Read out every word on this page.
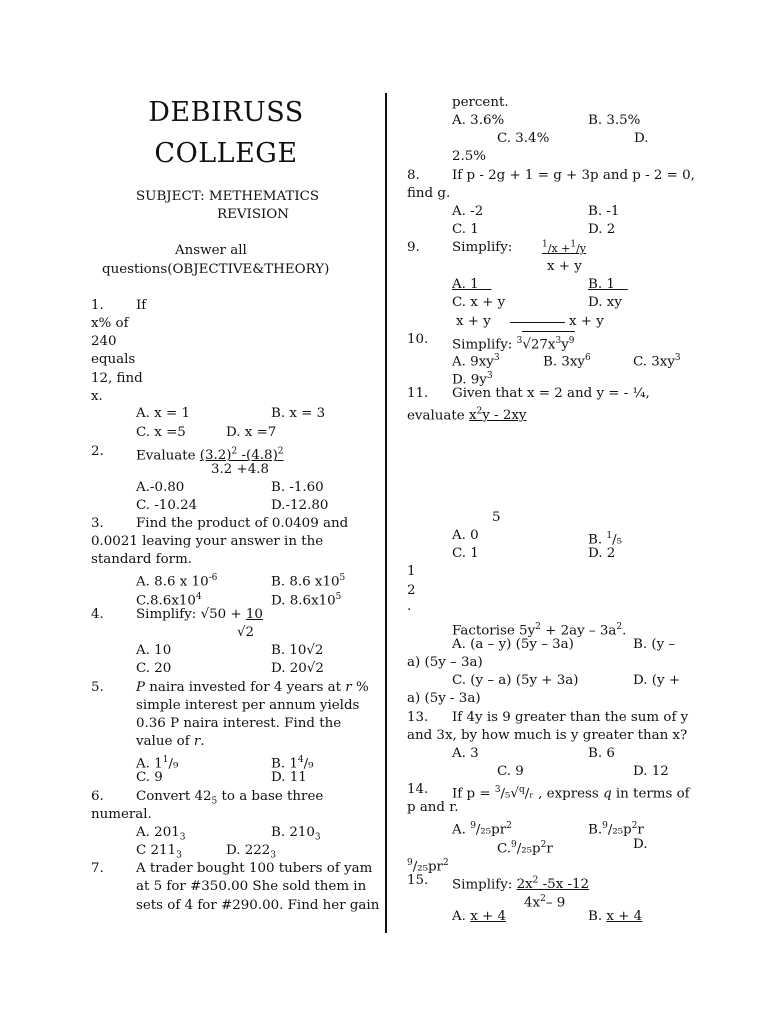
DEBIRUSS
COLLEGE
SUBJECT: METHEMATICS
REVISION
Answer all
questions(OBJECTIVE&THEORY)
1. If
x% of
240
equals
12, find
x.
A. x = 1	B. x = 3
C. x =5	D. x =7
2. Evaluate $(3.2)^2$ $-(4.8)^2$
3.2 +4.8
A.-0.80	B. -1.60
C. -10.24	D.-12.80
3. Find the product of 0.0409 and
0.0021 leaving your answer in the
standard form.
A. 8.6 x $10^{-6}$	B. 8.6 $x10^5$
$C.8.6x10^4$	D. $8.6x10^5$
4. Simplify: √50 + 10
√2
A. 10	B. 10√2
C. 20	D. 20√2
5. P naira invested for 4 years at r %
simple interest per annum yields
0.36 P naira interest. Find the
value of r.
A. $1^1/_9$	B. $1^4/_9$
C. 9	D. 11
6. Convert $42_5$ to a base three
numeral.
A. $201_3$	B. $210_3$
C $211_3$	D. $222_3$
7. A trader bought 100 tubers of yam
at 5 for #350.00 She sold them in
sets of 4 for #290.00. Find her gain
percent.
A. 3.6%	B. 3.5%
C. 3.4%	D.
2.5%
8. If p - 2g + 1 = g + 3p and p - 2 = 0,
find g.
A. -2	B. -1
C. 1	D. 2
9. Simplify:	$^1$/x +$^1$/y
x + y
A. 1	B. 1
C. x + y	D. xy
x + y	x + y
10. Simplify: $^3√27x^3y^9$
A. $9xy^3$	B. $3xy^6$	C. $3xy^3$
D. $9y^3$
11. Given that x = 2 and y = - ¼,
evaluate $x^2y - 2xy$
5
A. 0	B. $^1$/₅
C. 1	D. 2
1
2
.
Factorise $5y^2 + 2ay - 3a^2$.
A. (a – y) (5y – 3a)	B. (y –
a) (5y – 3a)
C. (y – a) (5y + 3a)	D. (y +
a) (5y - 3a)
13. If 4y is 9 greater than the sum of y
and 3x, by how much is y greater than x?
A. 3	B. 6
C. 9	D. 12
14. If p = $^3$/₅√$^q$/ᵣ , express q in terms of
p and r.
A. $^9/_{25}pr^2$	$B.^9/_{25}p^2r$
$C.^9/_{25}p^2r$	D.
$^9/_{25}pr^2$
15. Simplify: $2x^2$ -5x -12
$4x^2-$ 9
A. x + 4	B. x + 4
